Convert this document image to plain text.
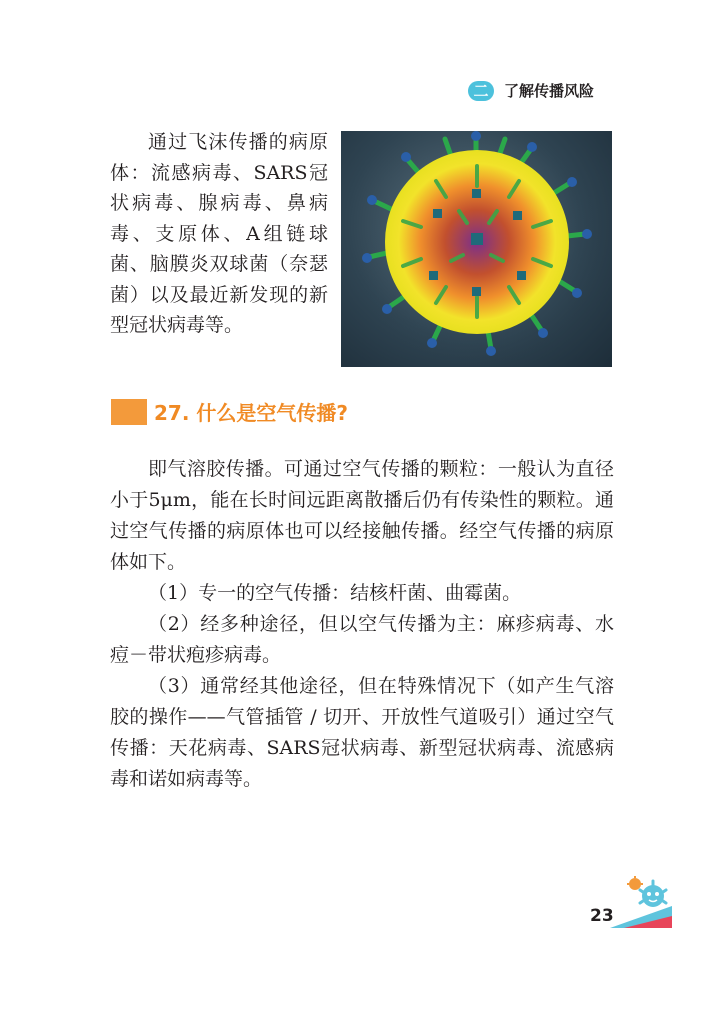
二	了解传播风险

通过飞沫传播的病原体：流感病毒、SARS冠状病毒、腺病毒、鼻病毒、支原体、A组链球菌、脑膜炎双球菌（奈瑟菌）以及最近新发现的新型冠状病毒等。

27. 什么是空气传播?

即气溶胶传播。可通过空气传播的颗粒：一般认为直径小于5μm，能在长时间远距离散播后仍有传染性的颗粒。通过空气传播的病原体也可以经接触传播。经空气传播的病原体如下。

（1）专一的空气传播：结核杆菌、曲霉菌。

（2）经多种途径，但以空气传播为主：麻疹病毒、水痘－带状疱疹病毒。

（3）通常经其他途径，但在特殊情况下（如产生气溶胶的操作——气管插管 / 切开、开放性气道吸引）通过空气传播：天花病毒、SARS冠状病毒、新型冠状病毒、流感病毒和诺如病毒等。

23
